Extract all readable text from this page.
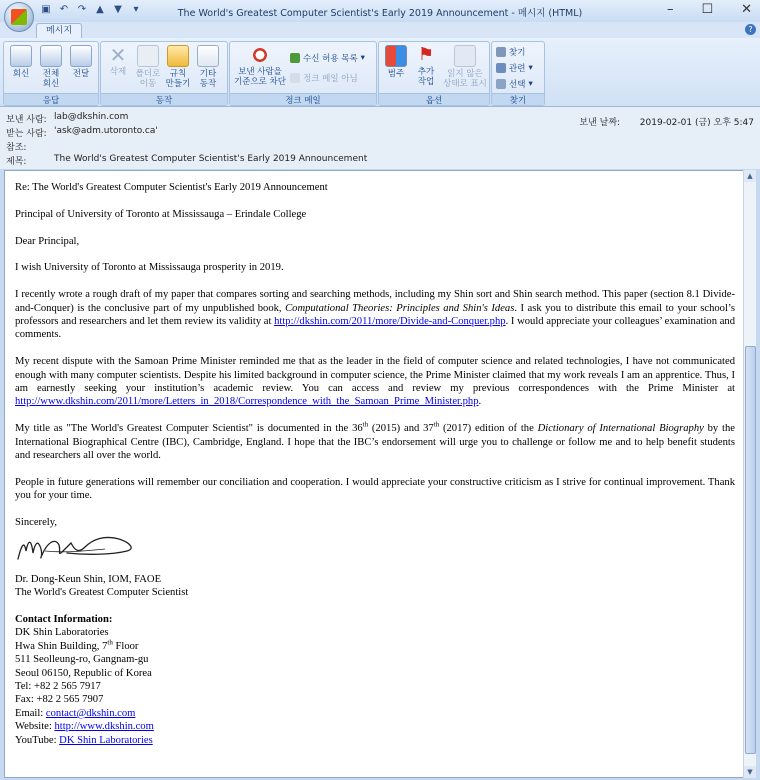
▣ ↶ ↷ ▲ ▼	▾	The World's Greatest Computer Scientist's Early 2019 Announcement - 메시지 (HTML)	– ☐ ✕
메시지	?
회신	전체
회신
전달
응답
✕
삭제	폴더로
이동
규칙
만들기
기타
동작
동작
보낸 사람을
기준으로 차단
수신 허용 목록 ▾
정크 메일 아님
정크 메일
범주
⚑
추가
작업
읽지 않은
상태로 표시
옵션
찾기
관련 ▾
선택 ▾
찾기
보낸 사람: lab@dkshin.com
받는 사람: 'ask@adm.utoronto.ca'
참조:
제목:	The World's Greatest Computer Scientist's Early 2019 Announcement
보낸 날짜: 2019-02-01 (금) 오후 5:47

Re: The World's Greatest Computer Scientist's Early 2019 Announcement

Principal of University of Toronto at Mississauga – Erindale College

Dear Principal,

I wish University of Toronto at Mississauga prosperity in 2019.

I recently wrote a rough draft of my paper that compares sorting and searching methods, including my Shin sort and Shin search method. This paper (section 8.1 Divide-and-Conquer) is the conclusive part of my unpublished book, Computational Theories: Principles and Shin's Ideas. I ask you to distribute this email to your school’s professors and researchers and let them review its validity at http://dkshin.com/2011/more/Divide-and-Conquer.php. I would appreciate your colleagues’ examination and comments.

My recent dispute with the Samoan Prime Minister reminded me that as the leader in the field of computer science and related technologies, I have not communicated enough with many computer scientists. Despite his limited background in computer science, the Prime Minister claimed that my work reveals I am an apprentice. Thus, I am earnestly seeking your institution’s academic review. You can access and review my previous correspondences with the Prime Minister at http://www.dkshin.com/2011/more/Letters_in_2018/Correspondence_with_the_Samoan_Prime_Minister.php.

My title as "The World's Greatest Computer Scientist" is documented in the 36th (2015) and 37th (2017) edition of the Dictionary of International Biography by the International Biographical Centre (IBC), Cambridge, England. I hope that the IBC’s endorsement will urge you to challenge or follow me and to help benefit students and researchers all over the world.

People in future generations will remember our conciliation and cooperation. I would appreciate your constructive criticism as I strive for continual improvement. Thank you for your time.

Sincerely,
Dr. Dong-Keun Shin, IOM, FAOE
The World's Greatest Computer Scientist
Contact Information:
DK Shin Laboratories
Hwa Shin Building, 7th Floor
511 Seolleung-ro, Gangnam-gu
Seoul 06150, Republic of Korea
Tel: +82 2 565 7917
Fax: +82 2 565 7907
Email: contact@dkshin.com
Website: http://www.dkshin.com
YouTube: DK Shin Laboratories
▲
▼
